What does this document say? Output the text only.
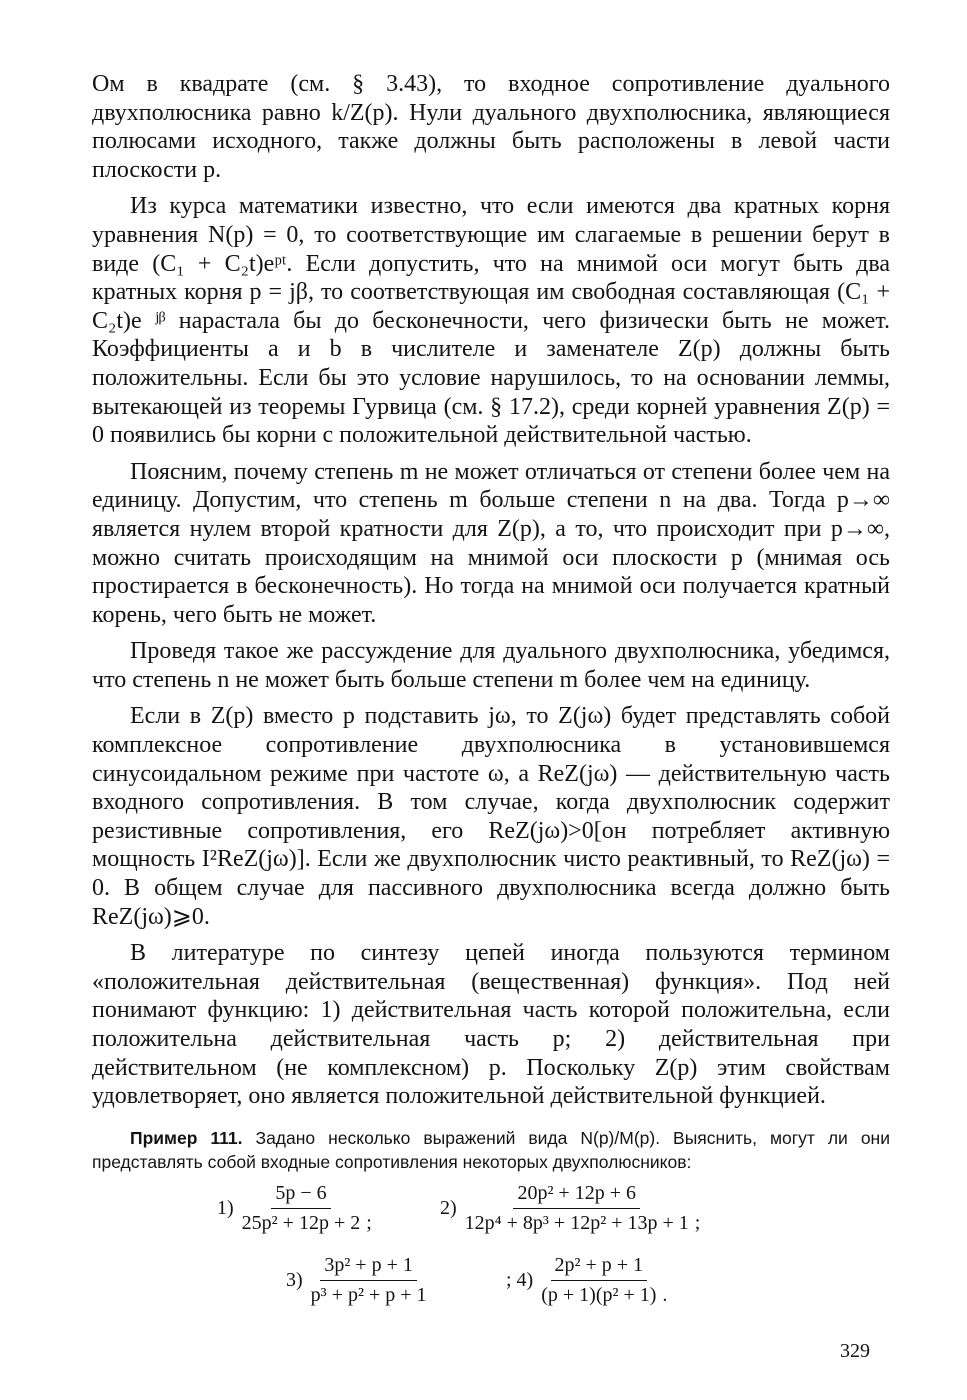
Ом в квадрате (см. § 3.43), то входное сопротивление дуального двухполюсника равно k/Z(p). Нули дуального двухполюсника, являющиеся полюсами исходного, также должны быть расположены в левой части плоскости p.

Из курса математики известно, что если имеются два кратных корня уравнения N(p) = 0, то соответствующие им слагаемые в решении берут в виде (C₁ + C₂t)eᵖᵗ. Если допустить, что на мнимой оси могут быть два кратных корня p = jβ, то соответствующая им свободная составляющая (C₁ + C₂t)e ʲᵝ нарастала бы до бесконечности, чего физически быть не может. Коэффициенты a и b в числителе и заменателе Z(p) должны быть положительны. Если бы это условие нарушилось, то на основании леммы, вытекающей из теоремы Гурвица (см. § 17.2), среди корней уравнения Z(p) = 0 появились бы корни с положительной действительной частью.

Поясним, почему степень m не может отличаться от степени более чем на единицу. Допустим, что степень m больше степени n на два. Тогда p→∞ является нулем второй кратности для Z(p), а то, что происходит при p→∞, можно считать происходящим на мнимой оси плоскости p (мнимая ось простирается в бесконечность). Но тогда на мнимой оси получается кратный корень, чего быть не может.

Проведя такое же рассуждение для дуального двухполюсника, убедимся, что степень n не может быть больше степени m более чем на единицу.

Если в Z(p) вместо p подставить jω, то Z(jω) будет представлять собой комплексное сопротивление двухполюсника в установившемся синусоидальном режиме при частоте ω, а ReZ(jω) — действительную часть входного сопротивления. В том случае, когда двухполюсник содержит резистивные сопротивления, его ReZ(jω)>0[он потребляет активную мощность I²ReZ(jω)]. Если же двухполюсник чисто реактивный, то ReZ(jω) = 0. В общем случае для пассивного двухполюсника всегда должно быть ReZ(jω)⩾0.

В литературе по синтезу цепей иногда пользуются термином «положительная действительная (вещественная) функция». Под ней понимают функцию: 1) действительная часть которой положительна, если положительна действительная часть p; 2) действительная при действительном (не комплексном) p. Поскольку Z(p) этим свойствам удовлетворяет, оно является положительной действительной функцией.

Пример 111. Задано несколько выражений вида N(p)/M(p). Выяснить, могут ли они представлять собой входные сопротивления некоторых двухполюсников:
$1) \frac{5p - 6}{\text{25p² + 12p + 2}}$ ;
$2) \frac{\text{20p² + 12p + 6}}{\text{12p⁴ + 8p³ + 12p² + 13p + 1}}$ ;
$3) \frac{\text{3p² + p + 1}}{\text{p³ + p² + p + 1}}$	; $4) \frac{\text{2p² + p + 1}}{\text{(p + 1)(p² + 1)}}$ .
329
